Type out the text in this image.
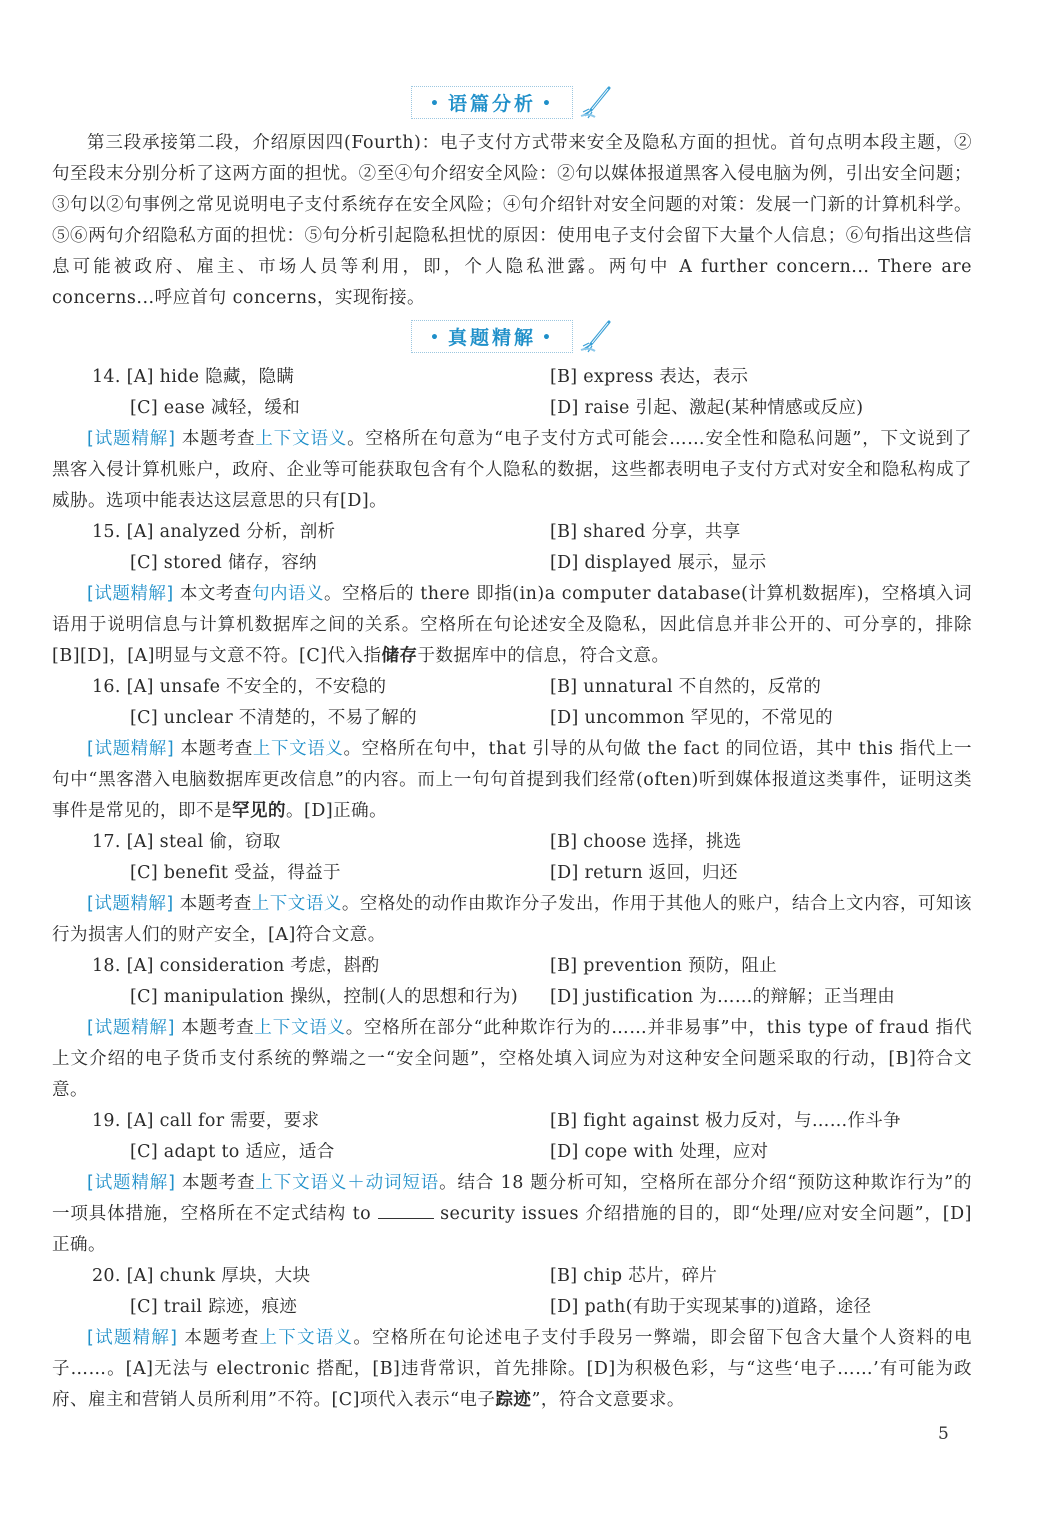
• 语篇分析 •

第三段承接第二段，介绍原因四(Fourth)：电子支付方式带来安全及隐私方面的担忧。首句点明本段主题，②句至段末分别分析了这两方面的担忧。②至④句介绍安全风险：②句以媒体报道黑客入侵电脑为例，引出安全问题；③句以②句事例之常见说明电子支付系统存在安全风险；④句介绍针对安全问题的对策：发展一门新的计算机科学。⑤⑥两句介绍隐私方面的担忧：⑤句分析引起隐私担忧的原因：使用电子支付会留下大量个人信息；⑥句指出这些信息可能被政府、雇主、市场人员等利用，即，个人隐私泄露。两句中 A further concern... There are concerns...呼应首句 concerns，实现衔接。

• 真题精解 •
14. [A] hide 隐藏，隐瞒	[B] express 表达，表示
[C] ease 减轻，缓和	[D] raise 引起、激起(某种情感或反应)

[试题精解] 本题考查上下文语义。空格所在句意为“电子支付方式可能会……安全性和隐私问题”，下文说到了黑客入侵计算机账户，政府、企业等可能获取包含有个人隐私的数据，这些都表明电子支付方式对安全和隐私构成了威胁。选项中能表达这层意思的只有[D]。

15. [A] analyzed 分析，剖析	[B] shared 分享，共享
[C] stored 储存，容纳	[D] displayed 展示，显示

[试题精解] 本文考查句内语义。空格后的 there 即指(in)a computer database(计算机数据库)，空格填入词语用于说明信息与计算机数据库之间的关系。空格所在句论述安全及隐私，因此信息并非公开的、可分享的，排除[B][D]，[A]明显与文意不符。[C]代入指储存于数据库中的信息，符合文意。

16. [A] unsafe 不安全的，不安稳的	[B] unnatural 不自然的，反常的
[C] unclear 不清楚的，不易了解的	[D] uncommon 罕见的，不常见的

[试题精解] 本题考查上下文语义。空格所在句中，that 引导的从句做 the fact 的同位语，其中 this 指代上一句中“黑客潜入电脑数据库更改信息”的内容。而上一句句首提到我们经常(often)听到媒体报道这类事件，证明这类事件是常见的，即不是罕见的。[D]正确。

17. [A] steal 偷，窃取	[B] choose 选择，挑选
[C] benefit 受益，得益于	[D] return 返回，归还

[试题精解] 本题考查上下文语义。空格处的动作由欺诈分子发出，作用于其他人的账户，结合上文内容，可知该行为损害人们的财产安全，[A]符合文意。

18. [A] consideration 考虑，斟酌	[B] prevention 预防，阻止
[C] manipulation 操纵，控制(人的思想和行为)	[D] justification 为……的辩解；正当理由

[试题精解] 本题考查上下文语义。空格所在部分“此种欺诈行为的……并非易事”中，this type of fraud 指代上文介绍的电子货币支付系统的弊端之一“安全问题”，空格处填入词应为对这种安全问题采取的行动，[B]符合文意。

19. [A] call for 需要，要求	[B] fight against 极力反对，与……作斗争
[C] adapt to 适应，适合	[D] cope with 处理，应对

[试题精解] 本题考查上下文语义＋动词短语。结合 18 题分析可知，空格所在部分介绍“预防这种欺诈行为”的一项具体措施，空格所在不定式结构 to	security issues 介绍措施的目的，即“处理/应对安全问题”，[D]正确。

20. [A] chunk 厚块，大块	[B] chip 芯片，碎片
[C] trail 踪迹，痕迹	[D] path(有助于实现某事的)道路，途径

[试题精解] 本题考查上下文语义。空格所在句论述电子支付手段另一弊端，即会留下包含大量个人资料的电子……。[A]无法与 electronic 搭配，[B]违背常识，首先排除。[D]为积极色彩，与“这些‘电子……’有可能为政府、雇主和营销人员所利用”不符。[C]项代入表示“电子踪迹”，符合文意要求。

5
